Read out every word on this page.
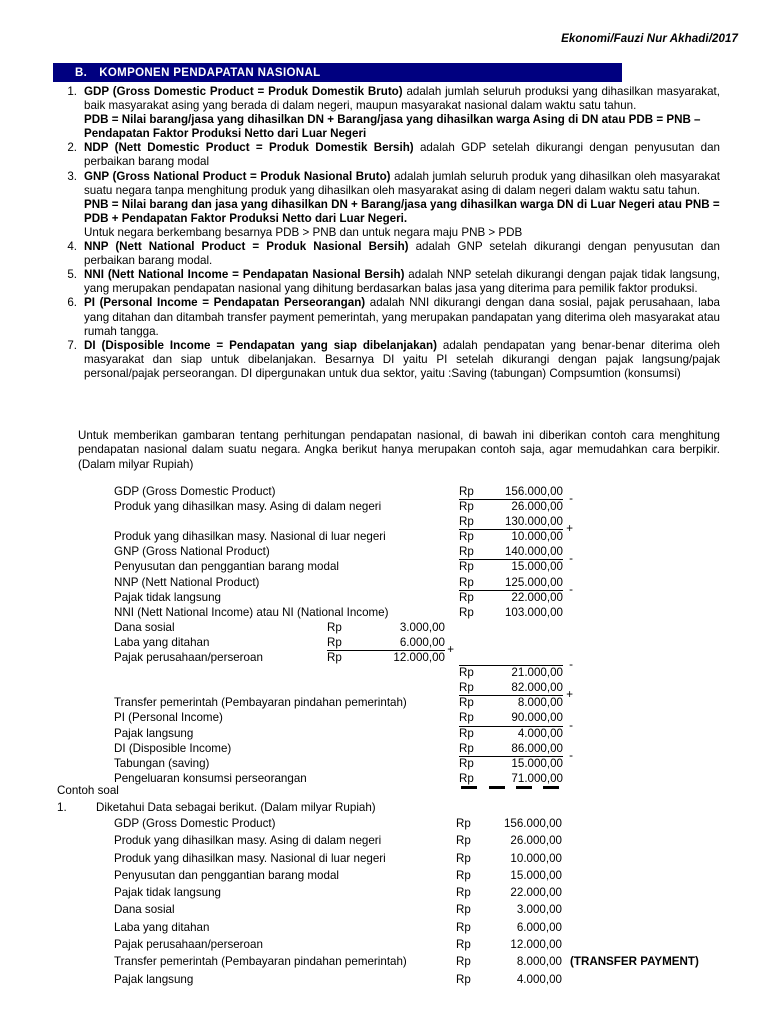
Ekonomi/Fauzi Nur Akhadi/2017
B. KOMPONEN PENDAPATAN NASIONAL
1. GDP (Gross Domestic Product = Produk Domestik Bruto) adalah jumlah seluruh produksi yang dihasilkan masyarakat, baik masyarakat asing yang berada di dalam negeri, maupun masyarakat nasional dalam waktu satu tahun.
PDB = Nilai barang/jasa yang dihasilkan DN + Barang/jasa yang dihasilkan warga Asing di DN atau PDB = PNB – Pendapatan Faktor Produksi Netto dari Luar Negeri
2. NDP (Nett Domestic Product = Produk Domestik Bersih) adalah GDP setelah dikurangi dengan penyusutan dan perbaikan barang modal
3. GNP (Gross National Product = Produk Nasional Bruto) adalah jumlah seluruh produk yang dihasilkan oleh masyarakat suatu negara tanpa menghitung produk yang dihasilkan oleh masyarakat asing di dalam negeri dalam waktu satu tahun.
PNB = Nilai barang dan jasa yang dihasilkan DN + Barang/jasa yang dihasilkan warga DN di Luar Negeri atau PNB = PDB + Pendapatan Faktor Produksi Netto dari Luar Negeri.
Untuk negara berkembang besarnya PDB > PNB dan untuk negara maju PNB > PDB
4. NNP (Nett National Product = Produk Nasional Bersih) adalah GNP setelah dikurangi dengan penyusutan dan perbaikan barang modal.
5. NNI (Nett National Income = Pendapatan Nasional Bersih) adalah NNP setelah dikurangi dengan pajak tidak langsung, yang merupakan pendapatan nasional yang dihitung berdasarkan balas jasa yang diterima para pemilik faktor produksi.
6. PI (Personal Income = Pendapatan Perseorangan) adalah NNI dikurangi dengan dana sosial, pajak perusahaan, laba yang ditahan dan ditambah transfer payment pemerintah, yang merupakan pandapatan yang diterima oleh masyarakat atau rumah tangga.
7. DI (Disposible Income = Pendapatan yang siap dibelanjakan) adalah pendapatan yang benar-benar diterima oleh masyarakat dan siap untuk dibelanjakan. Besarnya DI yaitu PI setelah dikurangi dengan pajak langsung/pajak personal/pajak perseorangan. DI dipergunakan untuk dua sektor, yaitu :Saving (tabungan) Compsumtion (konsumsi)
Untuk memberikan gambaran tentang perhitungan pendapatan nasional, di bawah ini diberikan contoh cara menghitung pendapatan nasional dalam suatu negara. Angka berikut hanya merupakan contoh saja, agar memudahkan cara berpikir. (Dalam milyar Rupiah)
GDP (Gross Domestic Product)	Rp	156.000,00
Produk yang dihasilkan masy. Asing di dalam negeri	Rp	26.000,00
-
Rp	130.000,00
Produk yang dihasilkan masy. Nasional di luar negeri	Rp	10.000,00
+
GNP (Gross National Product)	Rp	140.000,00
Penyusutan dan penggantian barang modal	Rp	15.000,00
-
NNP (Nett National Product)	Rp	125.000,00
Pajak tidak langsung	Rp	22.000,00
-
NNI (Nett National Income) atau NI (National Income)	Rp	103.000,00
Dana sosial	Rp	3.000,00
Laba yang ditahan	Rp	6.000,00
Pajak perusahaan/perseroan	Rp	12.000,00
+
Rp	21.000,00
-
Rp	82.000,00
Transfer pemerintah (Pembayaran pindahan pemerintah)	Rp	8.000,00
+
PI (Personal Income)	Rp	90.000,00
Pajak langsung	Rp	4.000,00
-
DI (Disposible Income)	Rp	86.000,00
Tabungan (saving)	Rp	15.000,00
-
Pengeluaran konsumsi perseorangan	Rp	71.000,00
Contoh soal
1.	Diketahui Data sebagai berikut. (Dalam milyar Rupiah)
GDP (Gross Domestic Product)	Rp	156.000,00
Produk yang dihasilkan masy. Asing di dalam negeri	Rp	26.000,00
Produk yang dihasilkan masy. Nasional di luar negeri	Rp	10.000,00
Penyusutan dan penggantian barang modal	Rp	15.000,00
Pajak tidak langsung	Rp	22.000,00
Dana sosial	Rp	3.000,00
Laba yang ditahan	Rp	6.000,00
Pajak perusahaan/perseroan	Rp	12.000,00
Transfer pemerintah (Pembayaran pindahan pemerintah)	Rp	8.000,00 (TRANSFER PAYMENT)
Pajak langsung	Rp	4.000,00
